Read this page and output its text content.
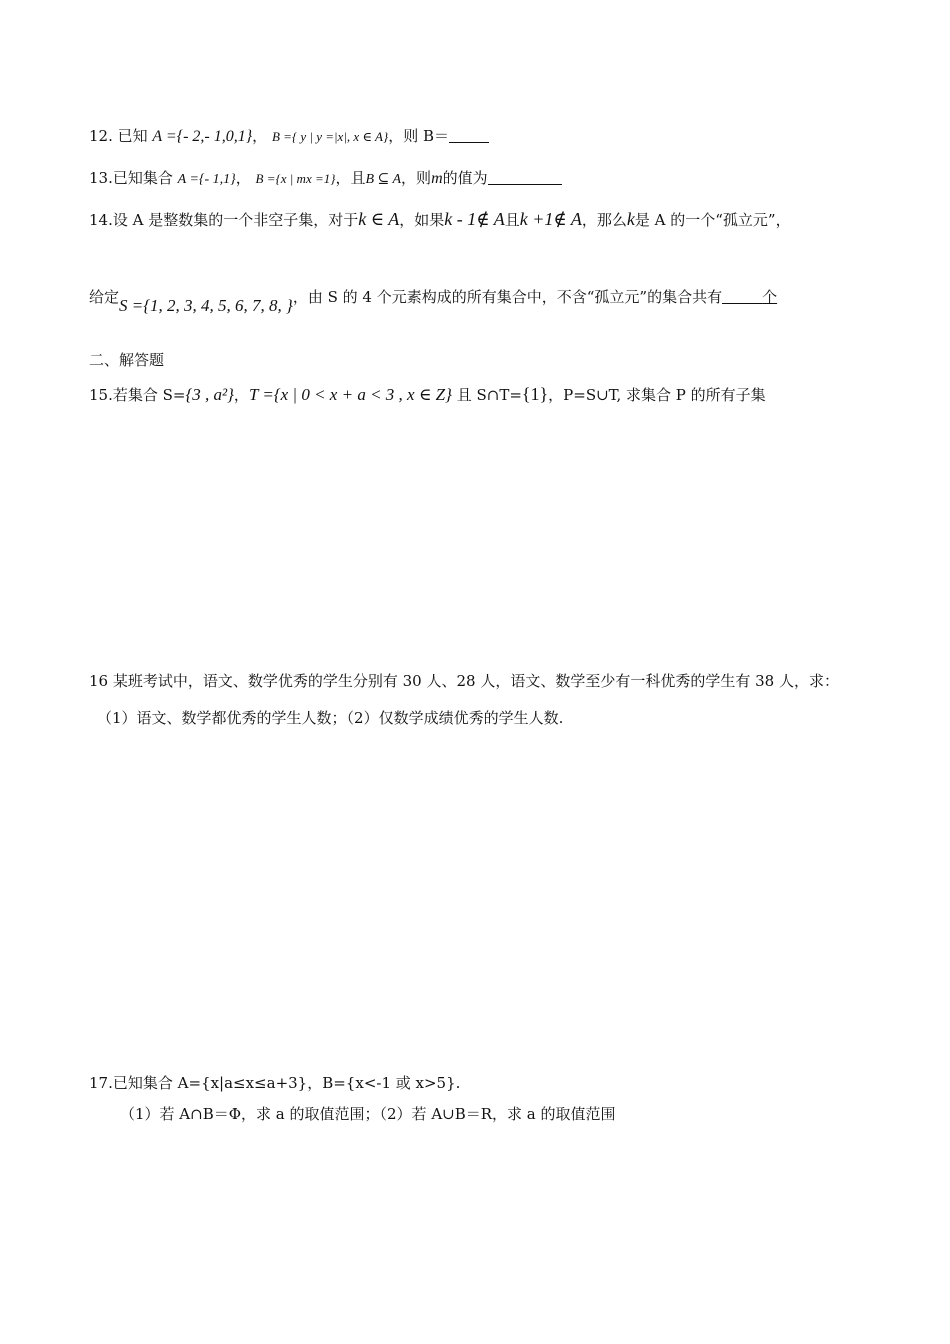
12. 已知 A ={- 2,- 1,0,1}， B ={ y | y =|x|, x ∈ A}，则 B＝
13.已知集合 A ={- 1,1}， B ={x | mx =1}，且B ⊆ A，则m的值为
14.设 A 是整数集的一个非空子集，对于k ∈ A，如果k - 1∉ A且k +1∉ A，那么k是 A 的一个“孤立元”，
给定S ={1, 2, 3, 4, 5, 6, 7, 8, }，由 S 的 4 个元素构成的所有集合中，不含“孤立元”的集合共有	个
二、解答题
15.若集合 S={3 , a²}，T ={x | 0 < x + a < 3 , x ∈ Z} 且 S∩T={1}，P=S∪T, 求集合 P 的所有子集
16 某班考试中，语文、数学优秀的学生分别有 30 人、28 人，语文、数学至少有一科优秀的学生有 38 人，求：
（1）语文、数学都优秀的学生人数；（2）仅数学成绩优秀的学生人数.
17.已知集合 A={x|a≤x≤a+3}，B={x<-1 或 x>5}.
（1）若 A∩B＝Φ，求 a 的取值范围；（2）若 A∪B＝R，求 a 的取值范围
